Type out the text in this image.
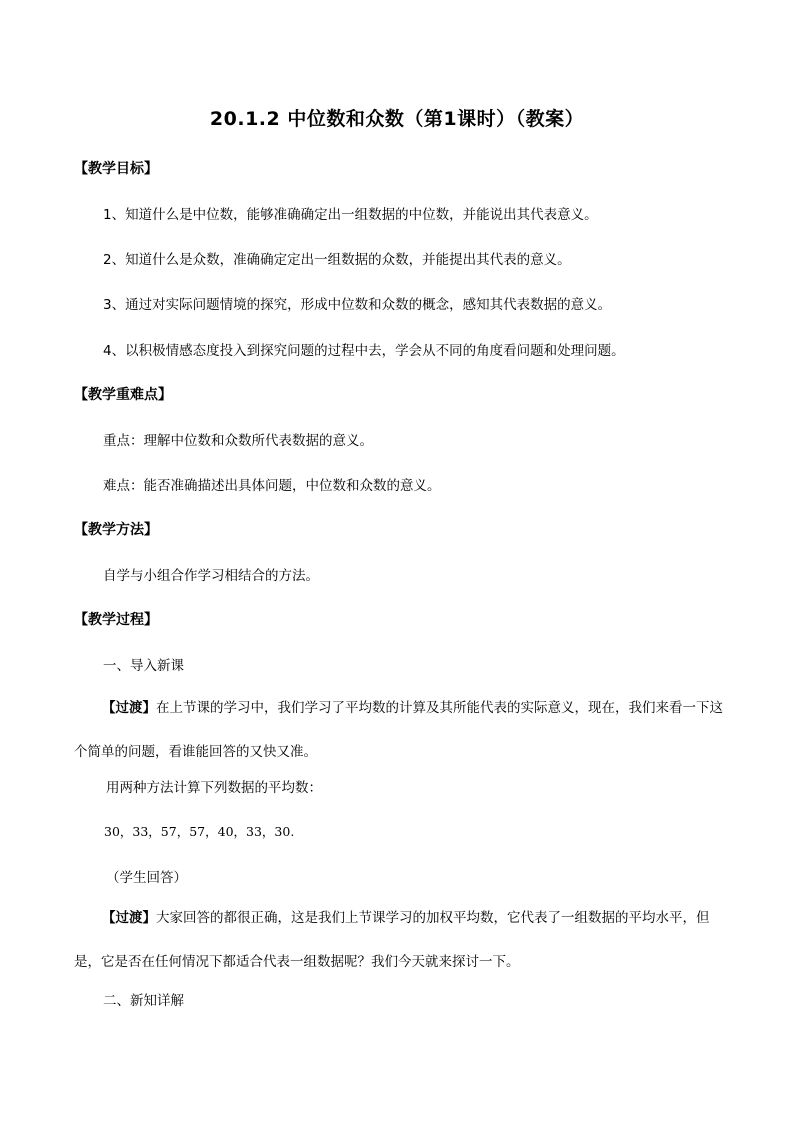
20.1.2 中位数和众数（第1课时）（教案）
【教学目标】
1、知道什么是中位数，能够准确确定出一组数据的中位数，并能说出其代表意义。
2、知道什么是众数，准确确定定出一组数据的众数，并能提出其代表的意义。
3、通过对实际问题情境的探究，形成中位数和众数的概念，感知其代表数据的意义。
4、以积极情感态度投入到探究问题的过程中去，学会从不同的角度看问题和处理问题。
【教学重难点】
重点：理解中位数和众数所代表数据的意义。
难点：能否准确描述出具体问题，中位数和众数的意义。
【教学方法】
自学与小组合作学习相结合的方法。
【教学过程】
一、导入新课
【过渡】在上节课的学习中，我们学习了平均数的计算及其所能代表的实际意义，现在，我们来看一下这个简单的问题，看谁能回答的又快又准。
用两种方法计算下列数据的平均数：
30，33，57，57，40，33，30.
（学生回答）
【过渡】大家回答的都很正确，这是我们上节课学习的加权平均数，它代表了一组数据的平均水平，但是，它是否在任何情况下都适合代表一组数据呢？我们今天就来探讨一下。
二、新知详解
